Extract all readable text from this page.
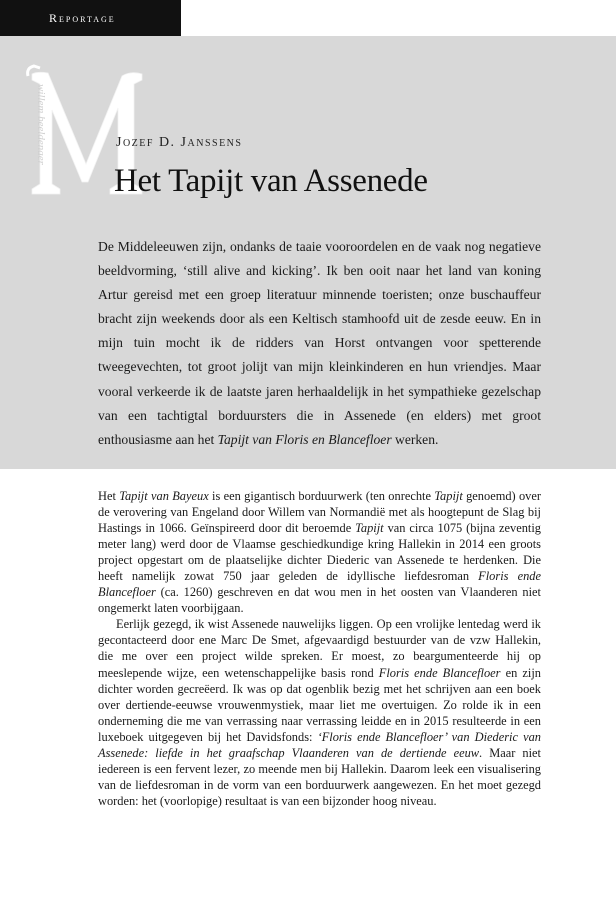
Reportage
willem beeldenaer	Jozef D. Janssens
Het Tapijt van Assenede

De Middeleeuwen zijn, ondanks de taaie vooroordelen en de vaak nog negatieve beeldvorming, ‘still alive and kicking’. Ik ben ooit naar het land van koning Artur gereisd met een groep literatuur minnende toeristen; onze buschauffeur bracht zijn weekends door als een Keltisch stamhoofd uit de zesde eeuw. En in mijn tuin mocht ik de ridders van Horst ontvangen voor spetterende tweegevechten, tot groot jolijt van mijn kleinkinderen en hun vriendjes. Maar vooral verkeerde ik de laatste jaren herhaaldelijk in het sympathieke gezelschap van een tachtigtal borduursters die in Assenede (en elders) met groot enthousiasme aan het Tapijt van Floris en Blancefloer werken.

Het Tapijt van Bayeux is een gigantisch borduurwerk (ten onrechte Tapijt genoemd) over de verovering van Engeland door Willem van Normandië met als hoogtepunt de Slag bij Hastings in 1066. Geïnspireerd door dit beroemde Tapijt van circa 1075 (bijna zeventig meter lang) werd door de Vlaamse geschiedkundige kring Hallekin in 2014 een groots project opgestart om de plaatselijke dichter Diederic van Assenede te herdenken. Die heeft namelijk zowat 750 jaar geleden de idyllische liefdesroman Floris ende Blancefloer (ca. 1260) geschreven en dat wou men in het oosten van Vlaanderen niet ongemerkt laten voorbijgaan.

Eerlijk gezegd, ik wist Assenede nauwelijks liggen. Op een vrolijke lentedag werd ik gecontacteerd door ene Marc De Smet, afgevaardigd bestuurder van de vzw Hallekin, die me over een project wilde spreken. Er moest, zo beargumenteerde hij op meeslepende wijze, een wetenschappelijke basis rond Floris ende Blancefloer en zijn dichter worden gecreëerd. Ik was op dat ogenblik bezig met het schrijven aan een boek over dertiende-eeuwse vrouwenmystiek, maar liet me overtuigen. Zo rolde ik in een onderneming die me van verrassing naar verrassing leidde en in 2015 resulteerde in een luxeboek uitgegeven bij het Davidsfonds: ‘Floris ende Blancefloer’ van Diederic van Assenede: liefde in het graafschap Vlaanderen van de dertiende eeuw. Maar niet iedereen is een fervent lezer, zo meende men bij Hallekin. Daarom leek een visualisering van de liefdesroman in de vorm van een borduurwerk aangewezen. En het moet gezegd worden: het (voorlopige) resultaat is van een bijzonder hoog niveau.
